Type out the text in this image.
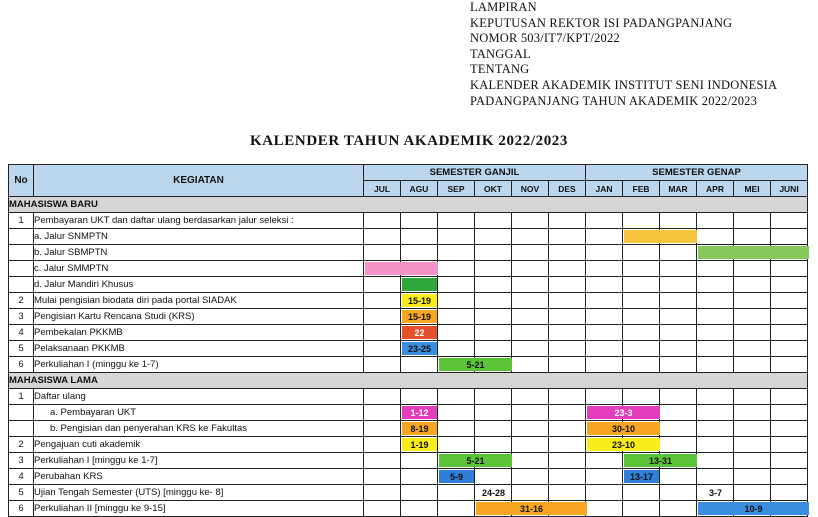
LAMPIRAN
KEPUTUSAN REKTOR ISI PADANGPANJANG
NOMOR 503/IT7/KPT/2022
TANGGAL
TENTANG
KALENDER AKADEMIK INSTITUT SENI INDONESIA
PADANGPANJANG TAHUN AKADEMIK 2022/2023
KALENDER TAHUN AKADEMIK 2022/2023
No	KEGIATAN	SEMESTER GANJIL						SEMESTER GENAP					
		JUL	AGU	SEP	OKT	NOV	DES	JAN	FEB	MAR	APR	MEI	JUNI
MAHASISWA BARU													
1	Pembayaran UKT dan daftar ulang berdasarkan jalur seleksi :												
	a. Jalur SNMPTN								

	b. Jalur SBMPTN										

	c. Jalur SMMPTN	

	d. Jalur Mandiri Khusus		

2	Mulai pengisian biodata diri pada portal SIADAK		15-19										

3	Pengisian Kartu Rencana Studi (KRS)		15-19										

4	Pembekalan PKKMB		22										

5	Pelaksanaan PKKMB		23-25										

6	Perkuliahan I (minggu ke 1-7)			5-21									

MAHASISWA LAMA													
1	Daftar ulang												
	a. Pembayaran UKT		1-12					23-3					

	b. Pengisian dan penyerahan KRS ke Fakultas		8-19					30-10					

2	Pengajuan cuti akademik		1-19					23-10					

3	Perkuliahan I [minggu ke 1-7]			5-21					13-31				

4	Perubahan KRS			5-9					13-17				

5	Ujian Tengah Semester (UTS) [minggu ke- 8]				24-28						3-7		

6	Perkuliahan II [minggu ke 9-15]				31-16						10-9		
